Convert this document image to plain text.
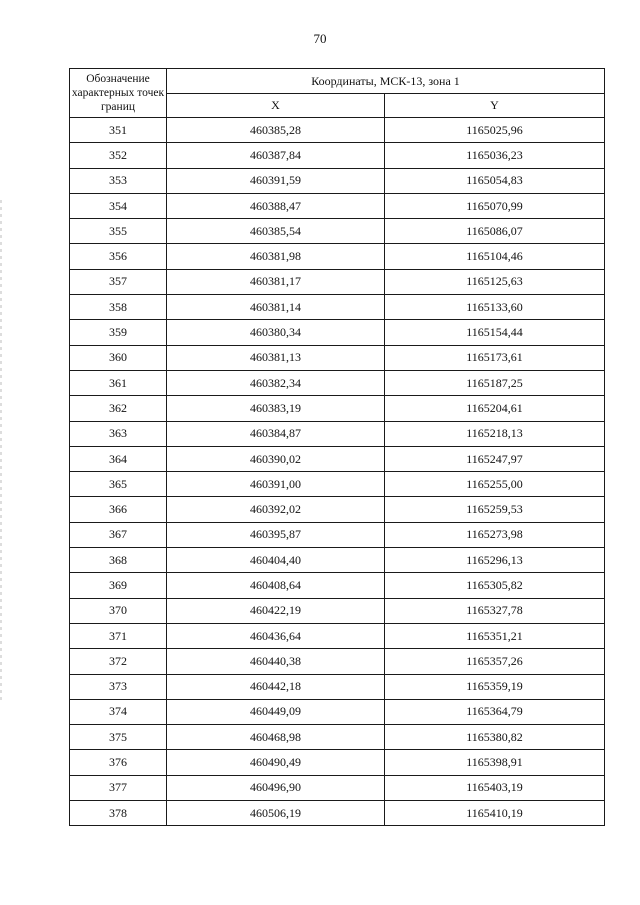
70
Обозначение характерных точек границ	Координаты, МСК-13, зона 1	
	X	Y
351	460385,28	1165025,96
352	460387,84	1165036,23
353	460391,59	1165054,83
354	460388,47	1165070,99
355	460385,54	1165086,07
356	460381,98	1165104,46
357	460381,17	1165125,63
358	460381,14	1165133,60
359	460380,34	1165154,44
360	460381,13	1165173,61
361	460382,34	1165187,25
362	460383,19	1165204,61
363	460384,87	1165218,13
364	460390,02	1165247,97
365	460391,00	1165255,00
366	460392,02	1165259,53
367	460395,87	1165273,98
368	460404,40	1165296,13
369	460408,64	1165305,82
370	460422,19	1165327,78
371	460436,64	1165351,21
372	460440,38	1165357,26
373	460442,18	1165359,19
374	460449,09	1165364,79
375	460468,98	1165380,82
376	460490,49	1165398,91
377	460496,90	1165403,19
378	460506,19	1165410,19
